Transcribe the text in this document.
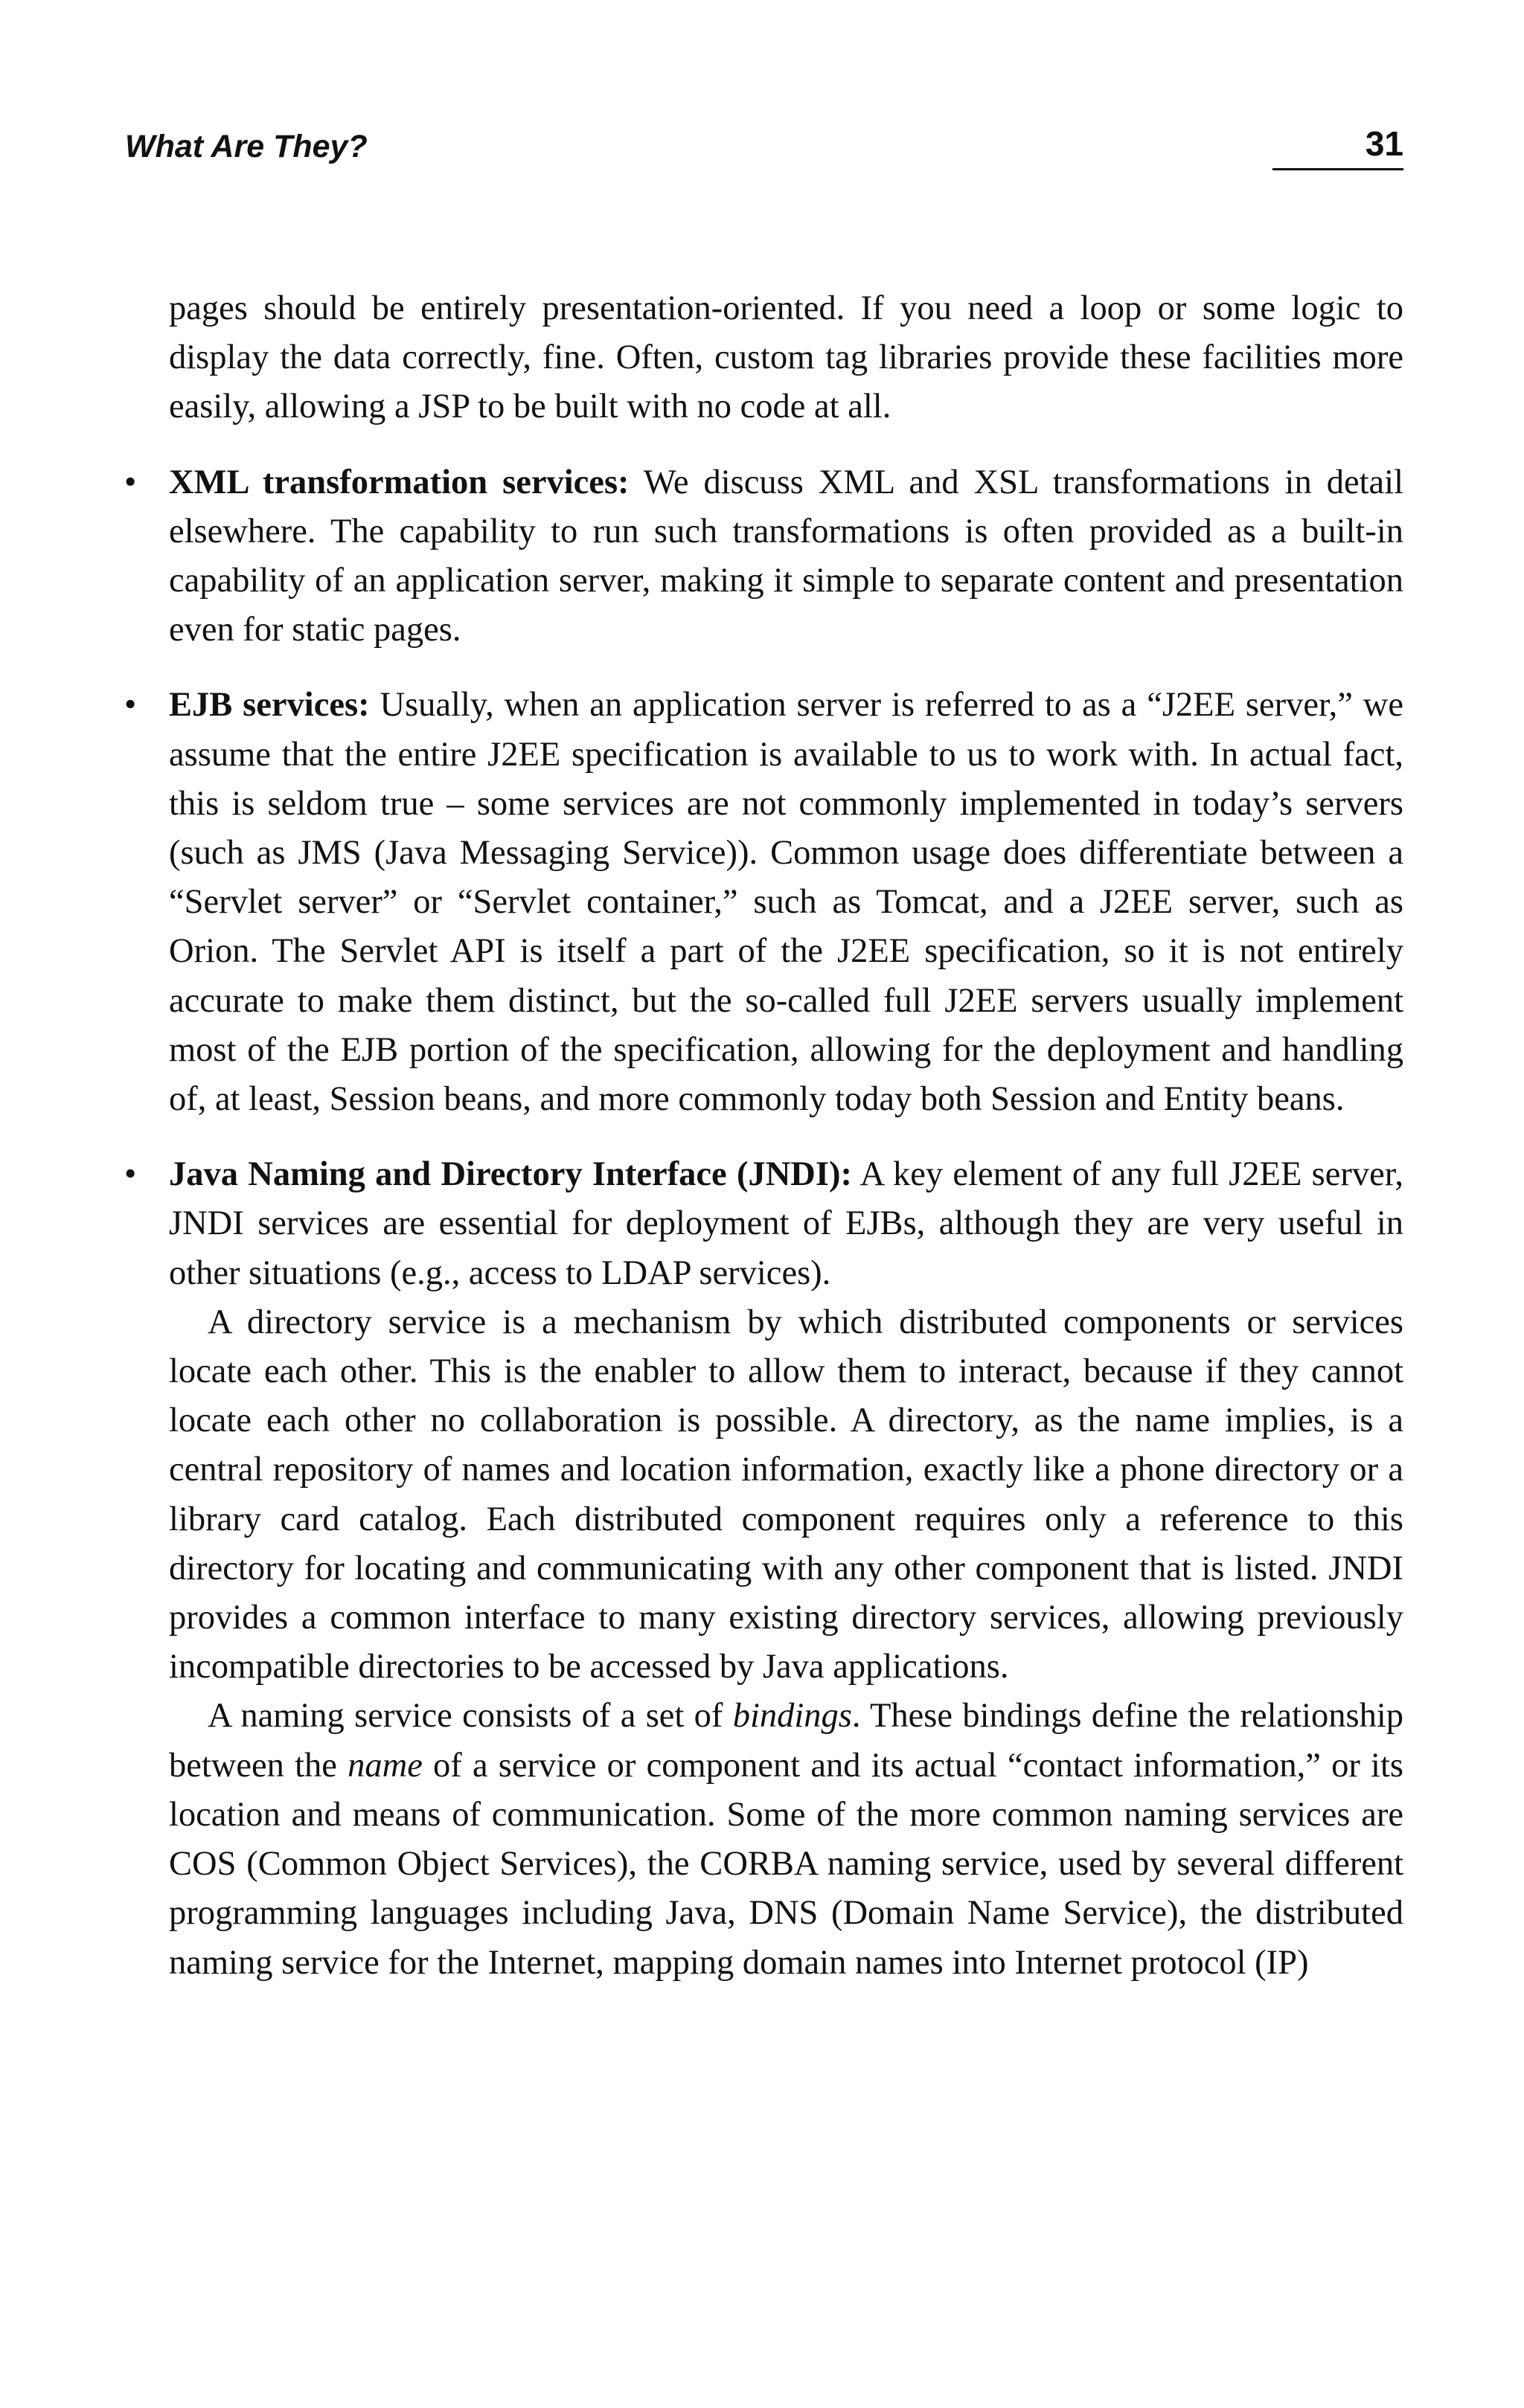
What Are They?	31

pages should be entirely presentation-oriented. If you need a loop or some logic to display the data correctly, fine. Often, custom tag libraries provide these facilities more easily, allowing a JSP to be built with no code at all.

• XML transformation services: We discuss XML and XSL transformations in detail elsewhere. The capability to run such transformations is often provided as a built-in capability of an application server, making it simple to separate content and presentation even for static pages.

• EJB services: Usually, when an application server is referred to as a “J2EE server,” we assume that the entire J2EE specification is available to us to work with. In actual fact, this is seldom true – some services are not commonly implemented in today’s servers (such as JMS (Java Messaging Service)). Common usage does differentiate between a “Servlet server” or “Servlet container,” such as Tomcat, and a J2EE server, such as Orion. The Servlet API is itself a part of the J2EE specification, so it is not entirely accurate to make them distinct, but the so-called full J2EE servers usually implement most of the EJB portion of the specification, allowing for the deployment and handling of, at least, Session beans, and more commonly today both Session and Entity beans.

• Java Naming and Directory Interface (JNDI): A key element of any full J2EE server, JNDI services are essential for deployment of EJBs, although they are very useful in other situations (e.g., access to LDAP services).

A directory service is a mechanism by which distributed components or services locate each other. This is the enabler to allow them to interact, because if they cannot locate each other no collaboration is possible. A directory, as the name implies, is a central repository of names and location information, exactly like a phone directory or a library card catalog. Each distributed component requires only a reference to this directory for locating and communicating with any other component that is listed. JNDI provides a common interface to many existing directory services, allowing previously incompatible directories to be accessed by Java applications.

A naming service consists of a set of bindings. These bindings define the relationship between the name of a service or component and its actual “contact information,” or its location and means of communication. Some of the more common naming services are COS (Common Object Services), the CORBA naming service, used by several different programming languages including Java, DNS (Domain Name Service), the distributed naming service for the Internet, mapping domain names into Internet protocol (IP)
